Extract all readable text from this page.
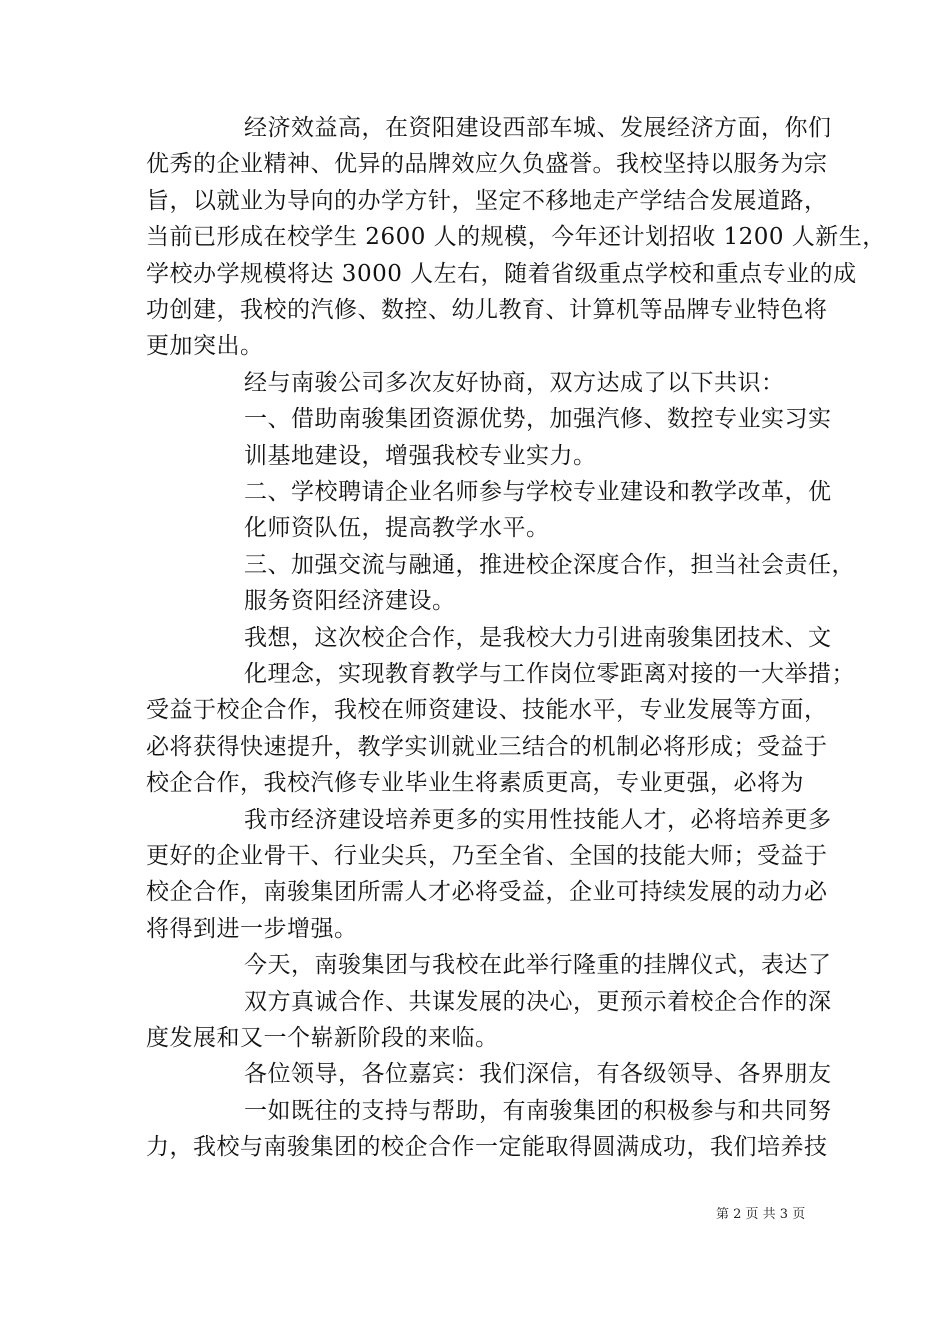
经济效益高，在资阳建设西部车城、发展经济方面，你们
优秀的企业精神、优异的品牌效应久负盛誉。我校坚持以服务为宗
旨，以就业为导向的办学方针，坚定不移地走产学结合发展道路，
当前已形成在校学生 2600 人的规模，今年还计划招收 1200 人新生，
学校办学规模将达 3000 人左右，随着省级重点学校和重点专业的成
功创建，我校的汽修、数控、幼儿教育、计算机等品牌专业特色将
更加突出。
经与南骏公司多次友好协商，双方达成了以下共识：
一、借助南骏集团资源优势，加强汽修、数控专业实习实
训基地建设，增强我校专业实力。
二、学校聘请企业名师参与学校专业建设和教学改革，优
化师资队伍，提高教学水平。
三、加强交流与融通，推进校企深度合作，担当社会责任，
服务资阳经济建设。
我想，这次校企合作，是我校大力引进南骏集团技术、文
化理念，实现教育教学与工作岗位零距离对接的一大举措；
受益于校企合作，我校在师资建设、技能水平，专业发展等方面，
必将获得快速提升，教学实训就业三结合的机制必将形成；受益于
校企合作，我校汽修专业毕业生将素质更高，专业更强，必将为
我市经济建设培养更多的实用性技能人才，必将培养更多
更好的企业骨干、行业尖兵，乃至全省、全国的技能大师；受益于
校企合作，南骏集团所需人才必将受益，企业可持续发展的动力必
将得到进一步增强。
今天，南骏集团与我校在此举行隆重的挂牌仪式，表达了
双方真诚合作、共谋发展的决心，更预示着校企合作的深
度发展和又一个崭新阶段的来临。
各位领导，各位嘉宾：我们深信，有各级领导、各界朋友
一如既往的支持与帮助，有南骏集团的积极参与和共同努
力，我校与南骏集团的校企合作一定能取得圆满成功，我们培养技
第 2 页 共 3 页
